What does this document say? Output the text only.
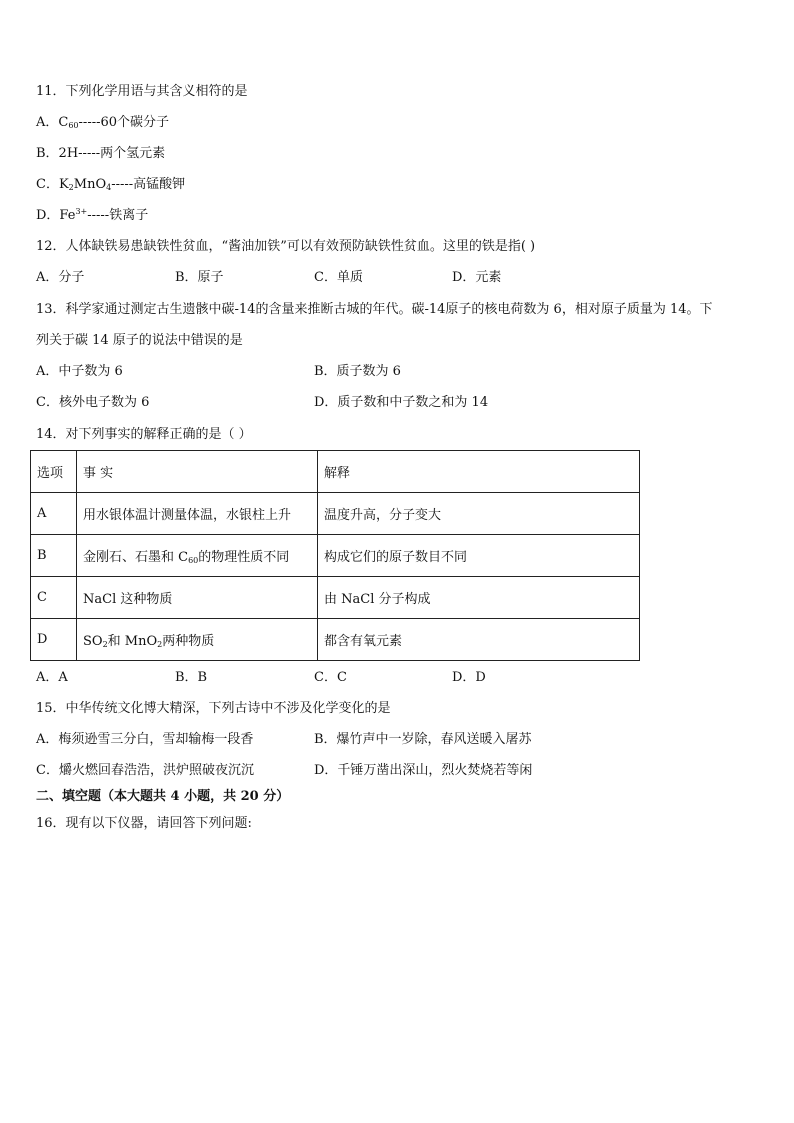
11．下列化学用语与其含义相符的是
A．$C_{60}-----60$个碳分子
B．2H-----两个氢元素
C．$K_2MnO_4-----$高锰酸钾
D．$Fe^{3+}-----$铁离子
12．人体缺铁易患缺铁性贫血，“酱油加铁”可以有效预防缺铁性贫血。这里的铁是指( )
A．分子	B．原子	C．单质	D．元素
13．科学家通过测定古生遗骸中碳-14的含量来推断古城的年代。碳-14原子的核电荷数为 6，相对原子质量为 14。下
列关于碳 14 原子的说法中错误的是
A．中子数为 6	B．质子数为 6
C．核外电子数为 6	D．质子数和中子数之和为 14
14．对下列事实的解释正确的是（ ）
选项	事 实	解释
A	用水银体温计测量体温，水银柱上升	温度升高，分子变大
B	金刚石、石墨和 $C_{60}$的物理性质不同	构成它们的原子数目不同
C	NaCl 这种物质	由 NaCl 分子构成
D	$SO_2$和 MnO$_2$两种物质	都含有氧元素
A．A	B．B	C．C	D．D
15．中华传统文化博大精深，下列古诗中不涉及化学变化的是
A．梅须逊雪三分白，雪却输梅一段香	B．爆竹声中一岁除，春风送暖入屠苏
C．爝火燃回春浩浩，洪炉照破夜沉沉	D．千锤万凿出深山，烈火焚烧若等闲
二、填空题（本大题共 4 小题，共 20 分）
16．现有以下仪器，请回答下列问题:
